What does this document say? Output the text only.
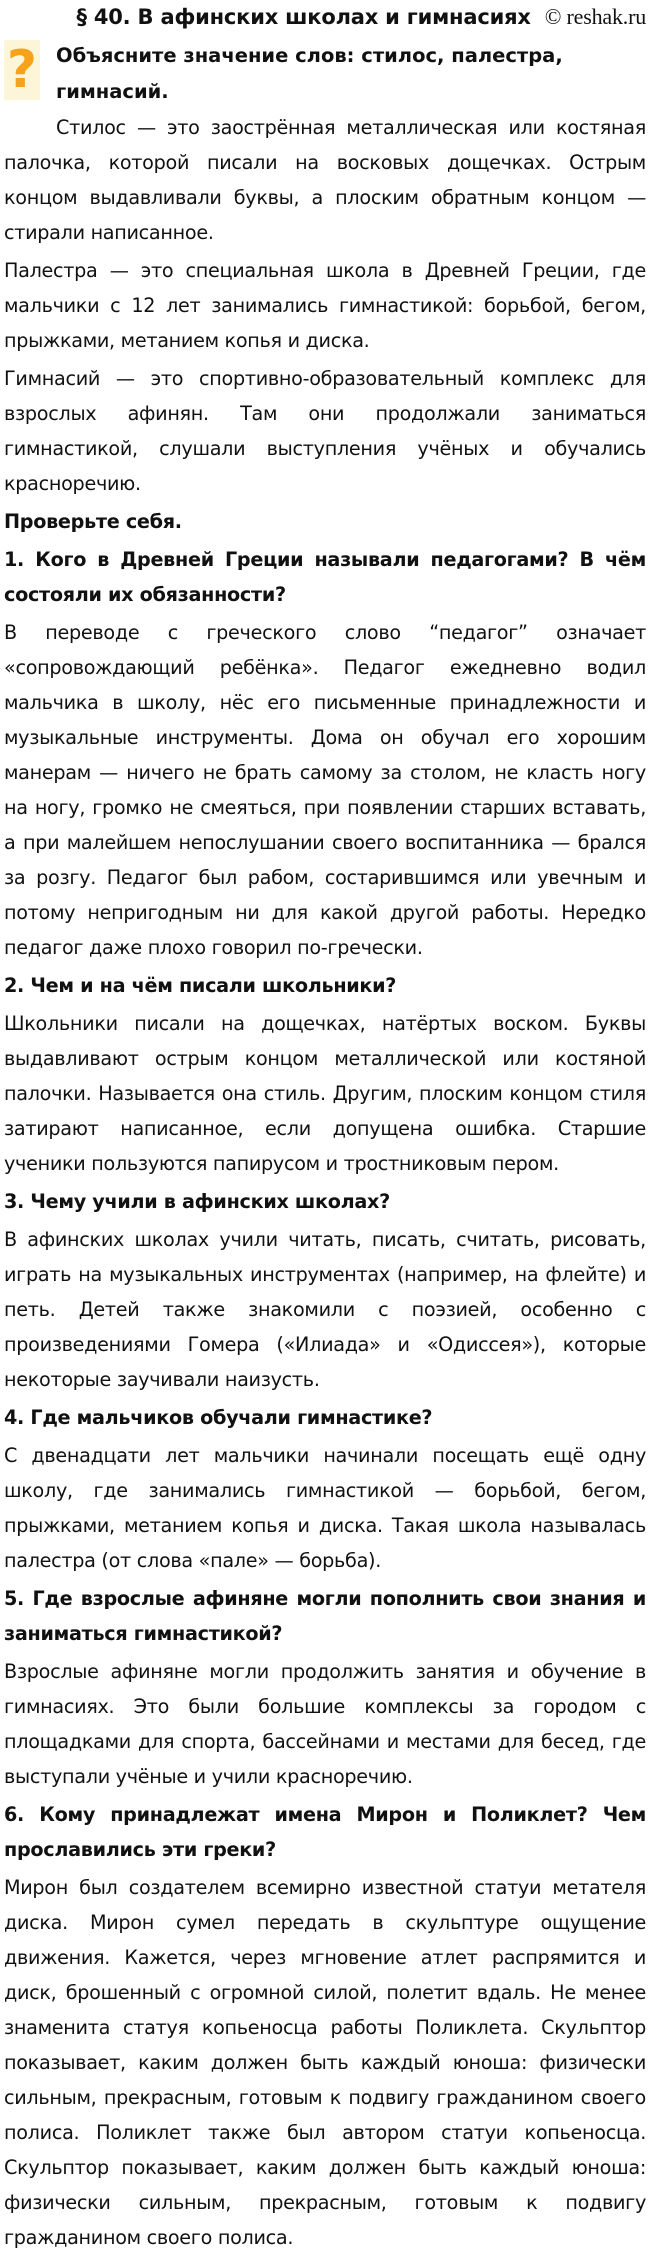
§ 40. В афинских школах и гимнасиях © reshak.ru
? Объясните значение слов: стилос, палестра, гимнасий.

Стилос — это заострённая металлическая или костяная палочка, которой писали на восковых дощечках. Острым концом выдавливали буквы, а плоским обратным концом — стирали написанное.

Палестра — это специальная школа в Древней Греции, где мальчики с 12 лет занимались гимнастикой: борьбой, бегом, прыжками, метанием копья и диска.

Гимнасий — это спортивно-образовательный комплекс для взрослых афинян. Там они продолжали заниматься гимнастикой, слушали выступления учёных и обучались красноречию.

Проверьте себя.

1. Кого в Древней Греции называли педагогами? В чём состояли их обязанности?

В переводе с греческого слово “педагог” означает «сопровождающий ребёнка». Педагог ежедневно водил мальчика в школу, нёс его письменные принадлежности и музыкальные инструменты. Дома он обучал его хорошим манерам — ничего не брать самому за столом, не класть ногу на ногу, громко не смеяться, при появлении старших вставать, а при малейшем непослушании своего воспитанника — брался за розгу. Педагог был рабом, состарившимся или увечным и потому непригодным ни для какой другой работы. Нередко педагог даже плохо говорил по-гречески.

2. Чем и на чём писали школьники?

Школьники писали на дощечках, натёртых воском. Буквы выдавливают острым концом металлической или костяной палочки. Называется она стиль. Другим, плоским концом стиля затирают написанное, если допущена ошибка. Старшие ученики пользуются папирусом и тростниковым пером.

3. Чему учили в афинских школах?

В афинских школах учили читать, писать, считать, рисовать, играть на музыкальных инструментах (например, на флейте) и петь. Детей также знакомили с поэзией, особенно с произведениями Гомера («Илиада» и «Одиссея»), которые некоторые заучивали наизусть.

4. Где мальчиков обучали гимнастике?

С двенадцати лет мальчики начинали посещать ещё одну школу, где занимались гимнастикой — борьбой, бегом, прыжками, метанием копья и диска. Такая школа называлась палестра (от слова «пале» — борьба).

5. Где взрослые афиняне могли пополнить свои знания и заниматься гимнастикой?

Взрослые афиняне могли продолжить занятия и обучение в гимнасиях. Это были большие комплексы за городом с площадками для спорта, бассейнами и местами для бесед, где выступали учёные и учили красноречию.

6. Кому принадлежат имена Мирон и Поликлет? Чем прославились эти греки?

Мирон был создателем всемирно известной статуи метателя диска. Мирон сумел передать в скульптуре ощущение движения. Кажется, через мгновение атлет распрямится и диск, брошенный с огромной силой, полетит вдаль. Не менее знаменита статуя копьеносца работы Поликлета. Скульптор показывает, каким должен быть каждый юноша: физически сильным, прекрасным, готовым к подвигу гражданином своего полиса. Поликлет также был автором статуи копьеносца. Скульптор показывает, каким должен быть каждый юноша: физически сильным, прекрасным, готовым к подвигу гражданином своего полиса.
